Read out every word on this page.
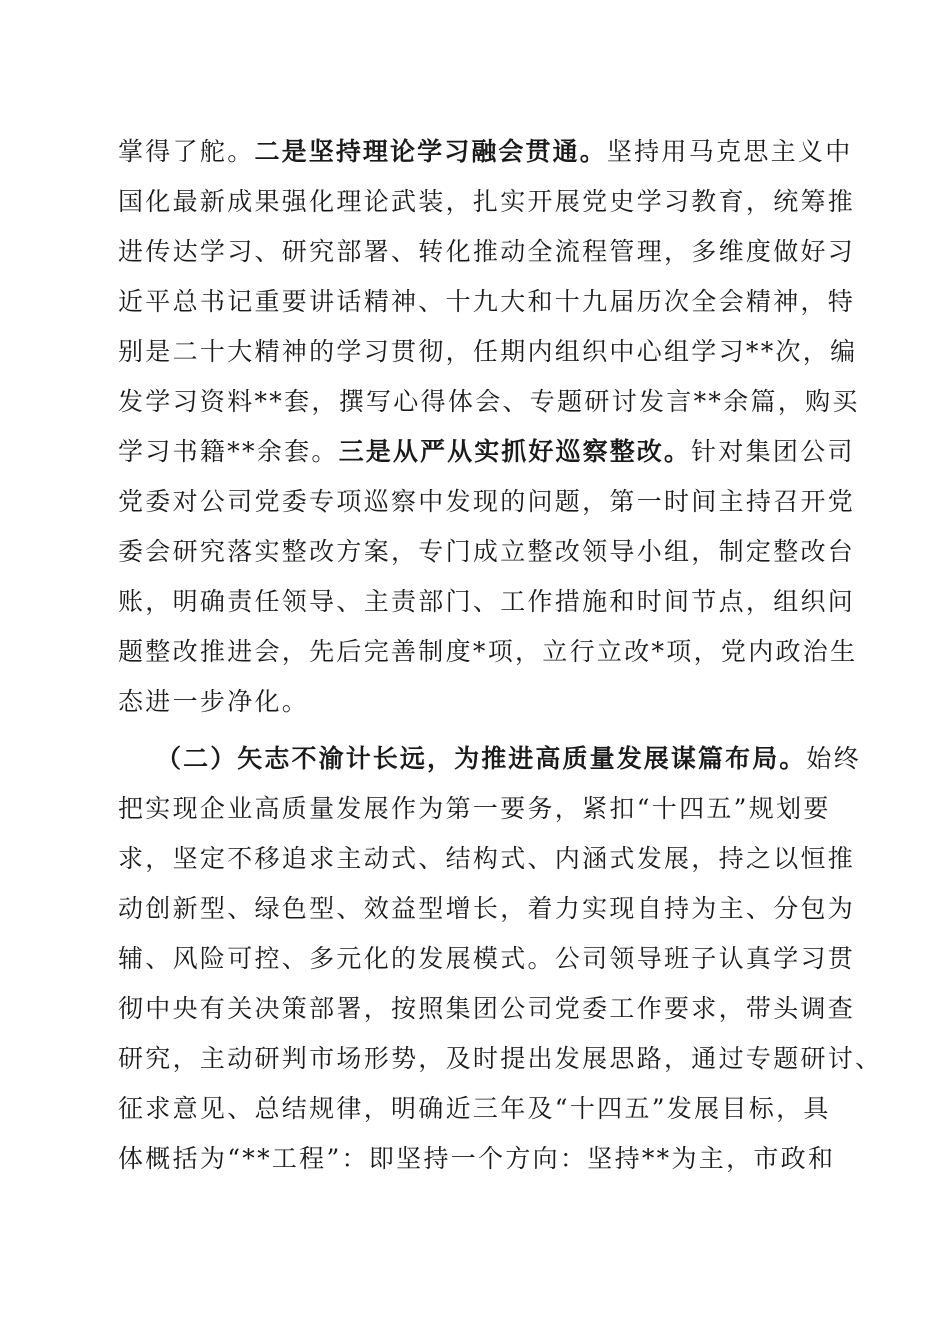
掌得了舵。二是坚持理论学习融会贯通。坚持用马克思主义中
国化最新成果强化理论武装，扎实开展党史学习教育，统筹推
进传达学习、研究部署、转化推动全流程管理，多维度做好习
近平总书记重要讲话精神、十九大和十九届历次全会精神，特
别是二十大精神的学习贯彻，任期内组织中心组学习**次，编
发学习资料**套，撰写心得体会、专题研讨发言**余篇，购买
学习书籍**余套。三是从严从实抓好巡察整改。针对集团公司
党委对公司党委专项巡察中发现的问题，第一时间主持召开党
委会研究落实整改方案，专门成立整改领导小组，制定整改台
账，明确责任领导、主责部门、工作措施和时间节点，组织问
题整改推进会，先后完善制度*项，立行立改*项，党内政治生
态进一步净化。
（二）矢志不渝计长远，为推进高质量发展谋篇布局。始终
把实现企业高质量发展作为第一要务，紧扣“十四五”规划要
求，坚定不移追求主动式、结构式、内涵式发展，持之以恒推
动创新型、绿色型、效益型增长，着力实现自持为主、分包为
辅、风险可控、多元化的发展模式。公司领导班子认真学习贯
彻中央有关决策部署，按照集团公司党委工作要求，带头调查
研究，主动研判市场形势，及时提出发展思路，通过专题研讨、
征求意见、总结规律，明确近三年及“十四五”发展目标，具
体概括为“**工程”：即坚持一个方向：坚持**为主，市政和
